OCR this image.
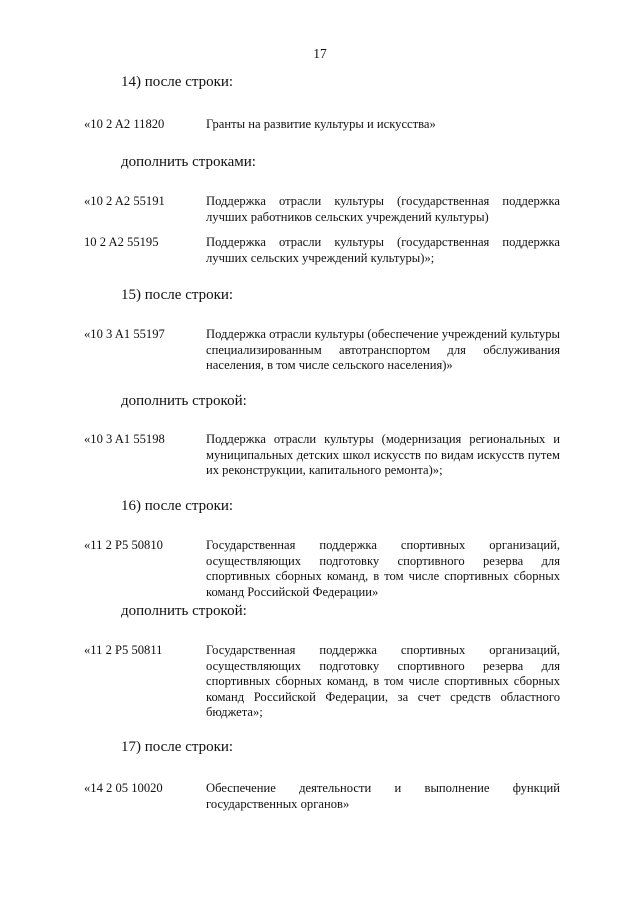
17
14) после строки:
«10 2 A2 11820	Гранты на развитие культуры и искусства»
дополнить строками:
«10 2 A2 55191	Поддержка отрасли культуры (государственная поддержка лучших работников сельских учреждений культуры)
10 2 A2 55195	Поддержка отрасли культуры (государственная поддержка лучших сельских учреждений культуры)»;
15) после строки:
«10 3 A1 55197	Поддержка отрасли культуры (обеспечение учреждений культуры специализированным автотранспортом для обслуживания населения, в том числе сельского населения)»
дополнить строкой:
«10 3 A1 55198	Поддержка отрасли культуры (модернизация региональных и муниципальных детских школ искусств по видам искусств путем их реконструкции, капитального ремонта)»;
16) после строки:
«11 2 P5 50810	Государственная поддержка спортивных организаций, осуществляющих подготовку спортивного резерва для спортивных сборных команд, в том числе спортивных сборных команд Российской Федерации»
дополнить строкой:
«11 2 P5 50811	Государственная поддержка спортивных организаций, осуществляющих подготовку спортивного резерва для спортивных сборных команд, в том числе спортивных сборных команд Российской Федерации, за счет средств областного бюджета»;
17) после строки:
«14 2 05 10020	Обеспечение деятельности и выполнение функций государственных органов»
